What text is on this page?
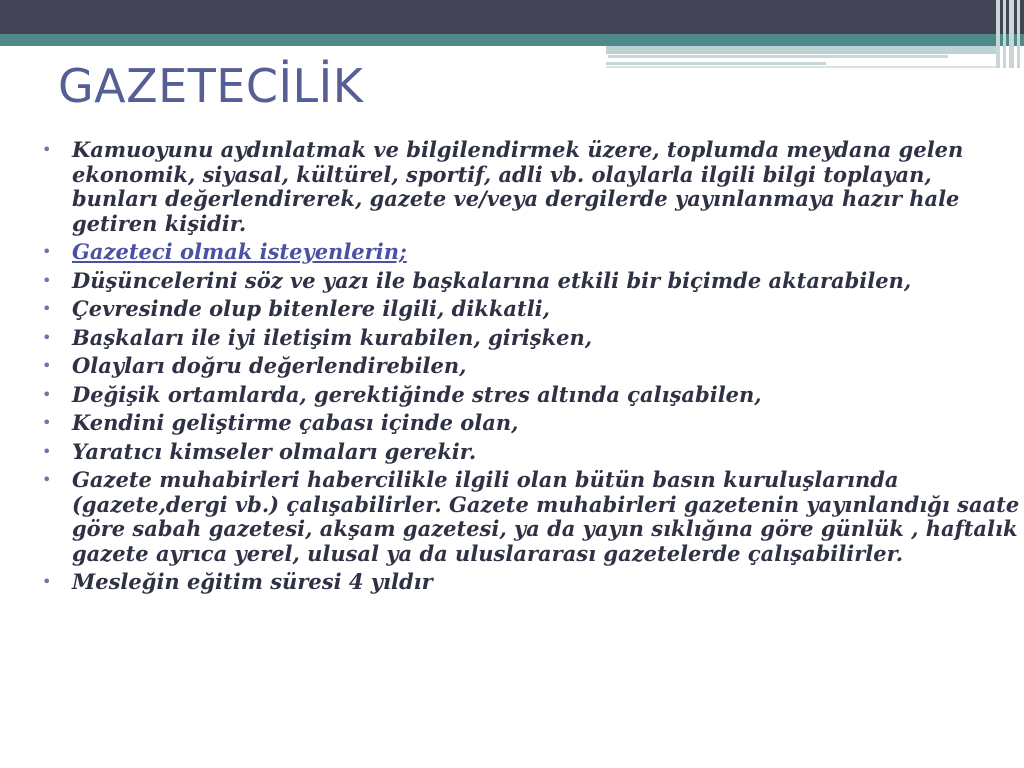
GAZETECİLİK
• Kamuoyunu aydınlatmak ve bilgilendirmek üzere, toplumda meydana gelen ekonomik, siyasal, kültürel, sportif, adli vb. olaylarla ilgili bilgi toplayan, bunları değerlendirerek, gazete ve/veya dergilerde yayınlanmaya hazır hale getiren kişidir.
• Gazeteci olmak isteyenlerin;
• Düşüncelerini söz ve yazı ile başkalarına etkili bir biçimde aktarabilen,
• Çevresinde olup bitenlere ilgili, dikkatli,
• Başkaları ile iyi iletişim kurabilen, girişken,
• Olayları doğru değerlendirebilen,
• Değişik ortamlarda, gerektiğinde stres altında çalışabilen,
• Kendini geliştirme çabası içinde olan,
• Yaratıcı kimseler olmaları gerekir.
• Gazete muhabirleri habercilikle ilgili olan bütün basın kuruluşlarında (gazete,dergi vb.) çalışabilirler. Gazete muhabirleri gazetenin yayınlandığı saate göre sabah gazetesi, akşam gazetesi, ya da yayın sıklığına göre günlük , haftalık gazete ayrıca yerel, ulusal ya da uluslararası gazetelerde çalışabilirler.
• Mesleğin eğitim süresi 4 yıldır
